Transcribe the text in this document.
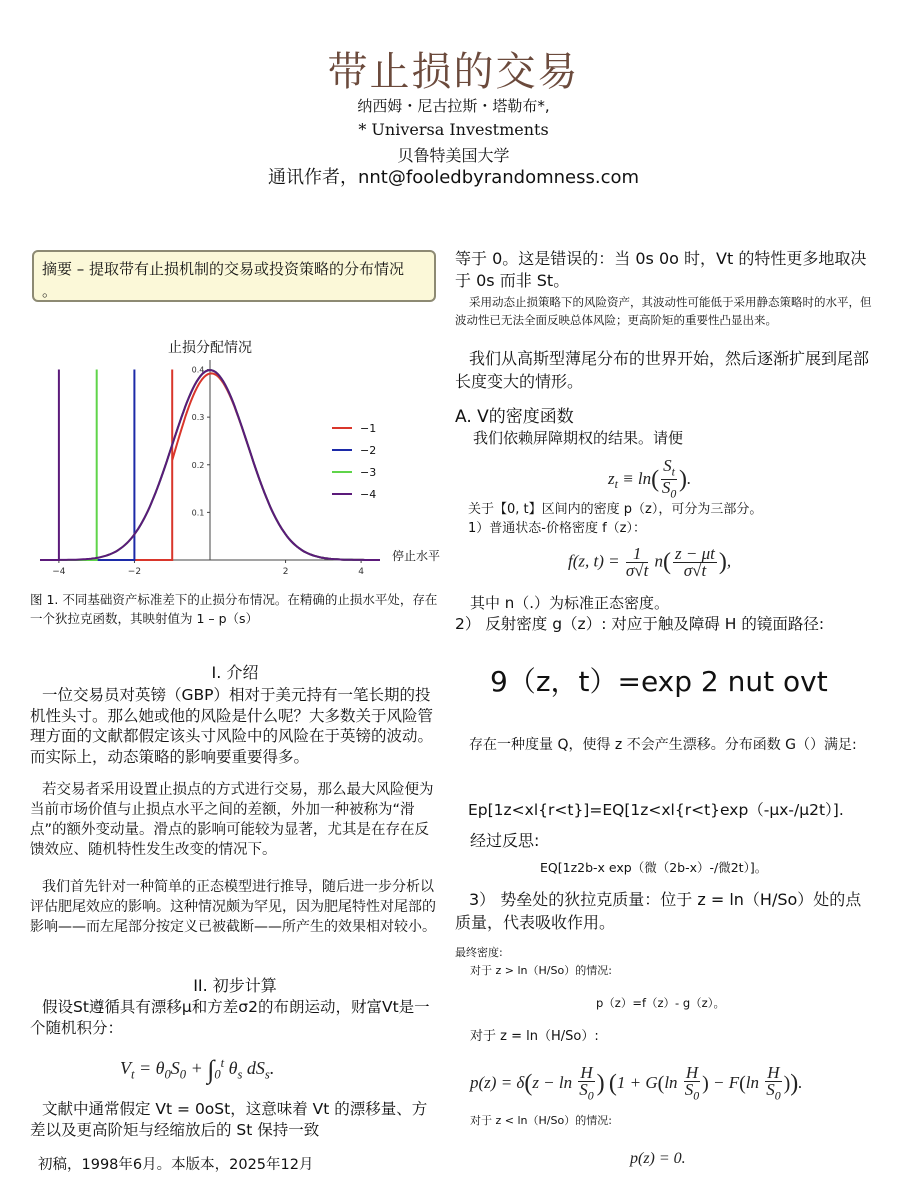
带止损的交易
纳西姆・尼古拉斯・塔勒布*,
* Universa Investments
贝鲁特美国大学
通讯作者，nnt@fooledbyrandomness.com
摘要 – 提取带有止损机制的交易或投资策略的分布情况
。
止损分配情况
−4	−2	2	4
0.1
0.2
0.3
0.4
−1
−2
−3
−4
停止水平
图 1. 不同基础资产标准差下的止损分布情况。在精确的止损水平处，存在一个狄拉克函数，其映射值为 1 – p（s）
I. 介绍
一位交易员对英镑（GBP）相对于美元持有一笔长期的投机性头寸。那么她或他的风险是什么呢？大多数关于风险管理方面的文献都假定该头寸风险中的风险在于英镑的波动。而实际上，动态策略的影响要重要得多。
若交易者采用设置止损点的方式进行交易，那么最大风险便为当前市场价值与止损点水平之间的差额，外加一种被称为“滑点”的额外变动量。滑点的影响可能较为显著，尤其是在存在反馈效应、随机特性发生改变的情况下。
我们首先针对一种简单的正态模型进行推导，随后进一步分析以评估肥尾效应的影响。这种情况颇为罕见，因为肥尾特性对尾部的影响——而左尾部分按定义已被截断——所产生的效果相对较小。
II. 初步计算
假设St遵循具有漂移μ和方差σ2的布朗运动，财富Vt是一个随机积分：
$V_t = \theta_0S_0 + \int_0^t$ $\theta_s$ $dS_s$.
文献中通常假定 Vt = 0oSt，这意味着 Vt 的漂移量、方差以及更高阶矩与经缩放后的 St 保持一致
初稿，1998年6月。本版本，2025年12月
等于 0。这是错误的：当 0s 0o 时，Vt 的特性更多地取决于 0s 而非 St。
采用动态止损策略下的风险资产，其波动性可能低于采用静态策略时的水平，但波动性已无法全面反映总体风险；更高阶矩的重要性凸显出来。
我们从高斯型薄尾分布的世界开始，然后逐渐扩展到尾部长度变大的情形。
A. V的密度函数
我们依赖屏障期权的结果。请便
$z_t \equiv \ln( \frac{S_t}{S_0}$ ).
关于【0, t】区间内的密度 p（z），可分为三部分。1）普通状态-价格密度 f（z）：
f(z, $t) = \frac{1}{\sigma√t} n( \frac{z - \mu t}{\sigma√t}$ ),
其中 n（.）为标准正态密度。
2） 反射密度 g（z）: 对应于触及障碍 H 的镜面路径:
9（z，t）=exp 2 nut ovt
存在一种度量 Q，使得 z 不会产生漂移。分布函数 G（）满足:
Ep[1z<xl{r<t}]=EQ[1z<xl{r<t}exp（-μx-/μ2t）].
经过反思:
EQ[1z2b-x exp（微（2b-x）-/微2t）]。
3） 势垒处的狄拉克质量：位于 z = ln（H/So）处的点质量，代表吸收作用。
最终密度:
对于 z > ln（H/So）的情况:
p（z）=f（z）- g（z）。
对于 z = ln（H/So）:
$p(z) = \delta(z - \ln \frac{H}{S_0}$ ) ($1 + G(\ln \frac{H}{S_0}$ ) − $F(\ln \frac{H}{S_0}$ )).
对于 z < ln（H/So）的情况:
p(z) = 0.
